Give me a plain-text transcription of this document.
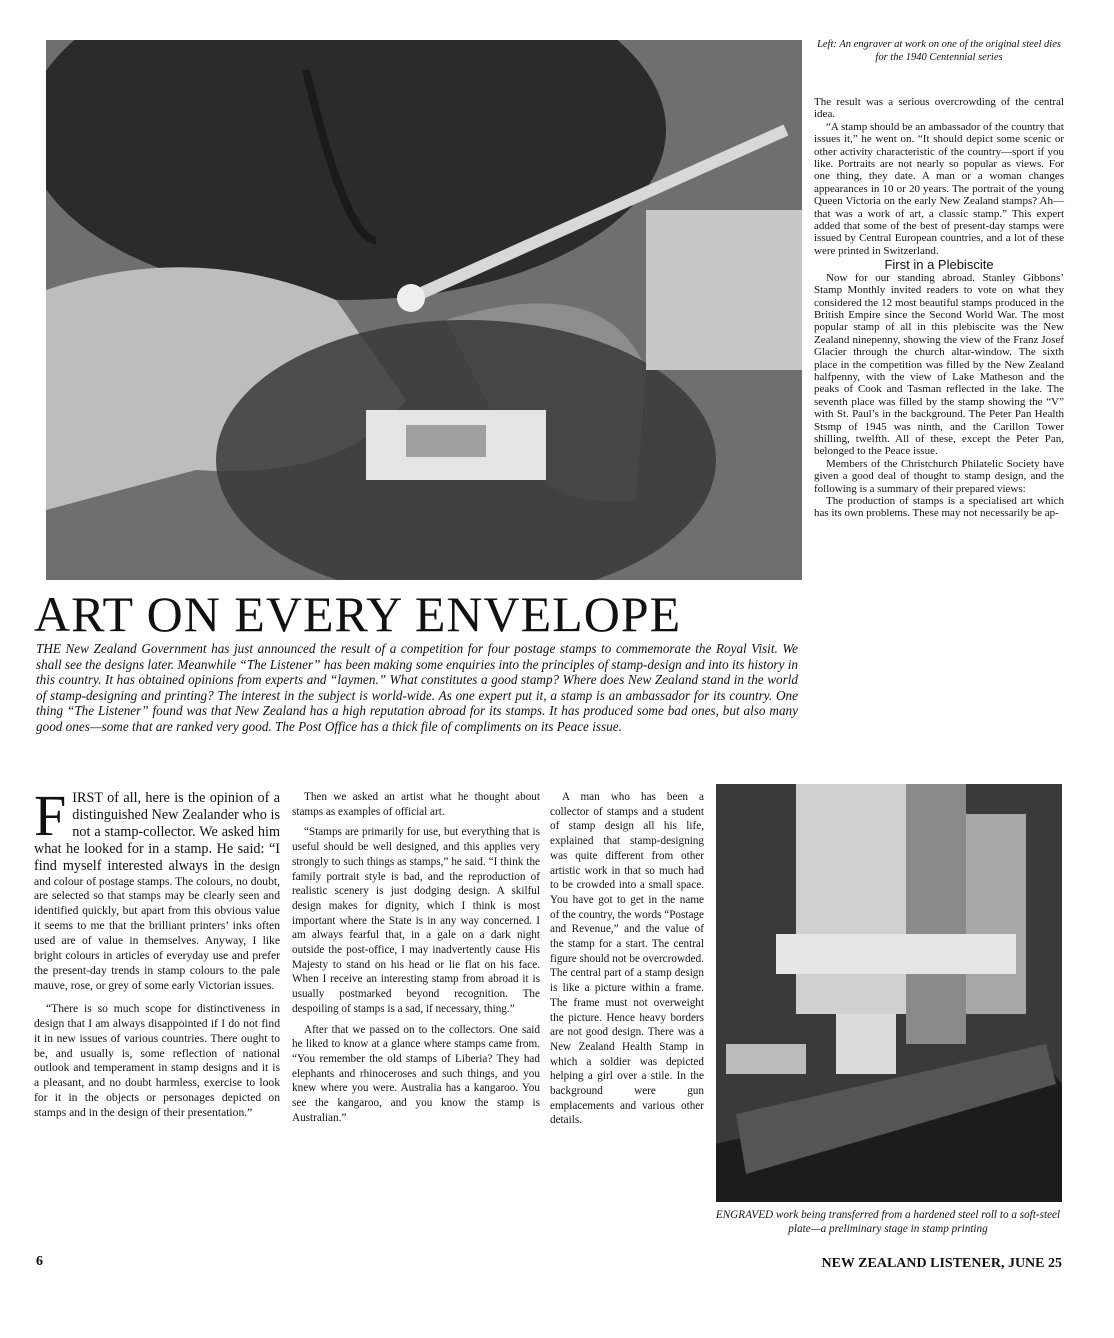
Left: An engraver at work on one of the original steel dies for the 1940 Centennial series

The result was a serious overcrowding of the central idea.

“A stamp should be an ambassador of the country that issues it,” he went on. “It should depict some scenic or other activity characteristic of the country—sport if you like. Portraits are not nearly so popular as views. For one thing, they date. A man or a woman changes appearances in 10 or 20 years. The portrait of the young Queen Victoria on the early New Zealand stamps? Ah—that was a work of art, a classic stamp.” This expert added that some of the best of present-day stamps were issued by Central European countries, and a lot of these were printed in Switzerland.

First in a Plebiscite

Now for our standing abroad. Stanley Gibbons’ Stamp Monthly invited readers to vote on what they considered the 12 most beautiful stamps produced in the British Empire since the Second World War. The most popular stamp of all in this plebiscite was the New Zealand ninepenny, showing the view of the Franz Josef Glacier through the church altar-window. The sixth place in the competition was filled by the New Zealand halfpenny, with the view of Lake Matheson and the peaks of Cook and Tasman reflected in the lake. The seventh place was filled by the stamp showing the “V” with St. Paul’s in the background. The Peter Pan Health Stsmp of 1945 was ninth, and the Carillon Tower shilling, twelfth. All of these, except the Peter Pan, belonged to the Peace issue.

Members of the Christchurch Philatelic Society have given a good deal of thought to stamp design, and the following is a summary of their prepared views:

The production of stamps is a specialised art which has its own problems. These may not necessarily be ap-

ART ON EVERY ENVELOPE
THE New Zealand Government has just announced the result of a competition for four postage stamps to commemorate the Royal Visit. We shall see the designs later. Meanwhile “The Listener” has been making some enquiries into the principles of stamp-design and into its history in this country. It has obtained opinions from experts and “laymen.” What constitutes a good stamp? Where does New Zealand stand in the world of stamp-designing and printing? The interest in the subject is world-wide. As one expert put it, a stamp is an ambassador for its country. One thing “The Listener” found was that New Zealand has a high reputation abroad for its stamps. It has produced some bad ones, but also many good ones—some that are ranked very good. The Post Office has a thick file of compliments on its Peace issue.
F IRST of all, here is the opinion of a distinguished New Zealander who is not a stamp-collector. We asked him what he looked for in a stamp. He said: “I find myself interested always in the design and colour of postage stamps. The colours, no doubt, are selected so that stamps may be clearly seen and identified quickly, but apart from this obvious value it seems to me that the brilliant printers’ inks often used are of value in themselves. Anyway, I like bright colours in articles of everyday use and prefer the present-day trends in stamp colours to the pale mauve, rose, or grey of some early Victorian issues.

“There is so much scope for distinctiveness in design that I am always disappointed if I do not find it in new issues of various countries. There ought to be, and usually is, some reflection of national outlook and temperament in stamp designs and it is a pleasant, and no doubt harmless, exercise to look for it in the objects or personages depicted on stamps and in the design of their presentation.”

Then we asked an artist what he thought about stamps as examples of official art.

“Stamps are primarily for use, but everything that is useful should be well designed, and this applies very strongly to such things as stamps,” he said. “I think the family portrait style is bad, and the reproduction of realistic scenery is just dodging design. A skilful design makes for dignity, which I think is most important where the State is in any way concerned. I am always fearful that, in a gale on a dark night outside the post-office, I may inadvertently cause His Majesty to stand on his head or lie flat on his face. When I receive an interesting stamp from abroad it is usually postmarked beyond recognition. The despoiling of stamps is a sad, if necessary, thing.”

After that we passed on to the collectors. One said he liked to know at a glance where stamps came from. “You remember the old stamps of Liberia? They had elephants and rhinoceroses and such things, and you knew where you were. Australia has a kangaroo. You see the kangaroo, and you know the stamp is Australian.”

A man who has been a collector of stamps and a student of stamp design all his life, explained that stamp-designing was quite different from other artistic work in that so much had to be crowded into a small space. You have got to get in the name of the country, the words “Postage and Revenue,” and the value of the stamp for a start. The central figure should not be overcrowded. The central part of a stamp design is like a picture within a frame. The frame must not overweight the picture. Hence heavy borders are not good design. There was a New Zealand Health Stamp in which a soldier was depicted helping a girl over a stile. In the background were gun emplacements and various other details.

ENGRAVED work being transferred from a hardened steel roll to a soft-steel plate—a preliminary stage in stamp printing
6	NEW ZEALAND LISTENER, JUNE 25
